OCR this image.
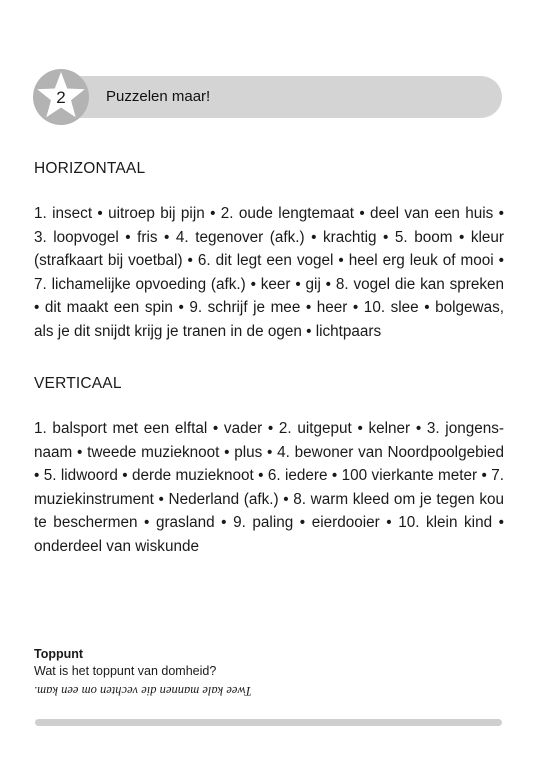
2	Puzzelen maar!
HORIZONTAAL
1. insect • uitroep bij pijn • 2. oude lengtemaat • deel van een huis • 3. loopvogel • fris • 4. tegenover (afk.) • krachtig • 5. boom • kleur (strafkaart bij voetbal) • 6. dit legt een vogel • heel erg leuk of mooi • 7. lichamelijke opvoeding (afk.) • keer • gij • 8. vogel die kan spreken • dit maakt een spin • 9. schrijf je mee • heer • 10. slee • bolgewas, als je dit snijdt krijg je tranen in de ogen • lichtpaars
VERTICAAL
1. balsport met een elftal • vader • 2. uitgeput • kelner • 3. jongensnaam • tweede muzieknoot • plus • 4. bewoner van Noordpoolgebied • 5. lidwoord • derde muzieknoot • 6. iedere • 100 vierkante meter • 7. muziekinstrument • Nederland (afk.) • 8. warm kleed om je tegen kou te beschermen • grasland • 9. paling • eierdooier • 10. klein kind • onderdeel van wiskunde
Toppunt
Wat is het toppunt van domheid?
Twee kale mannen die vechten om een kam.
